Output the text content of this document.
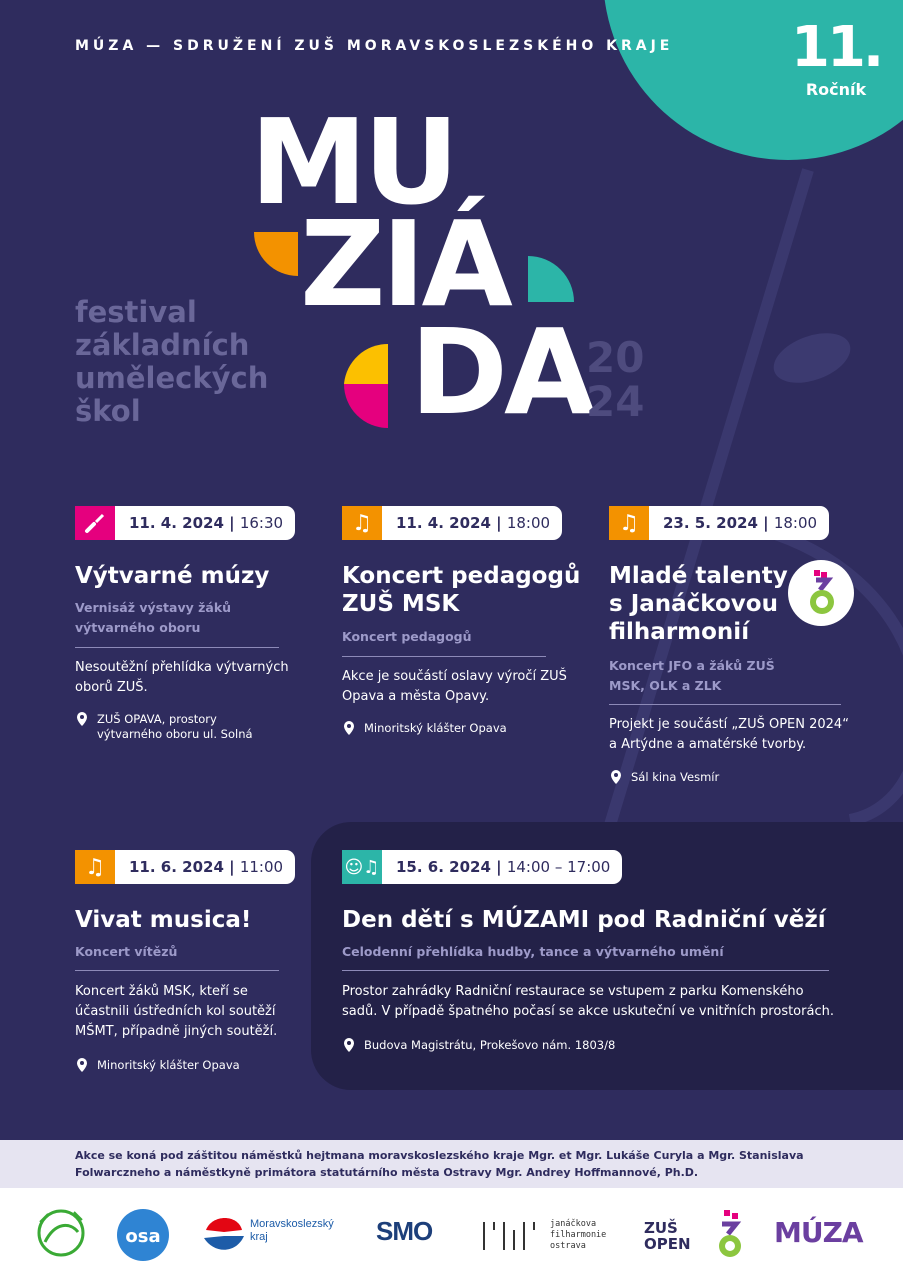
11.
Ročník
MÚZA — SDRUŽENÍ ZUŠ MORAVSKOSLEZSKÉHO KRAJE
MU
ZIÁ
DA
festival základních uměleckých škol
20
24
11. 4. 2024 | 16:30
Výtvarné múzy
Vernisáž výstavy žáků výtvarného oboru
Nesoutěžní přehlídka výtvarných oborů ZUŠ.
ZUŠ OPAVA, prostory výtvarného oboru ul. Solná
♫	11. 4. 2024 | 18:00
Koncert pedagogů ZUŠ MSK
Koncert pedagogů
Akce je součástí oslavy výročí ZUŠ Opava a města Opavy.
Minoritský klášter Opava
♫	23. 5. 2024 | 18:00
Mladé talenty s Janáčkovou filharmonií
Koncert JFO a žáků ZUŠ MSK, OLK a ZLK
Projekt je součástí „ZUŠ OPEN 2024“ a Artýdne a amatérské tvorby.
Sál kina Vesmír
♫	11. 6. 2024 | 11:00
Vivat musica!
Koncert vítězů
Koncert žáků MSK, kteří se účastnili ústředních kol soutěží MŠMT, případně jiných soutěží.
Minoritský klášter Opava
☺♫	15. 6. 2024 | 14:00 – 17:00
Den dětí s MÚZAMI pod Radniční věží
Celodenní přehlídka hudby, tance a výtvarného umění
Prostor zahrádky Radniční restaurace se vstupem z parku Komenského sadů. V případě špatného počasí se akce uskuteční ve vnitřních prostorách.
Budova Magistrátu, Prokešovo nám. 1803/8
Akce se koná pod záštitou náměstků hejtmana moravskoslezského kraje Mgr. et Mgr. Lukáše Curyla a Mgr. Stanislava Folwarczneho a náměstkyně primátora statutárního města Ostravy Mgr. Andrey Hoffmannové, Ph.D.
osa
Moravskoslezský kraj	SMO	janáčkova filharmonie ostrava
ZUŠ OPEN	MÚZA
